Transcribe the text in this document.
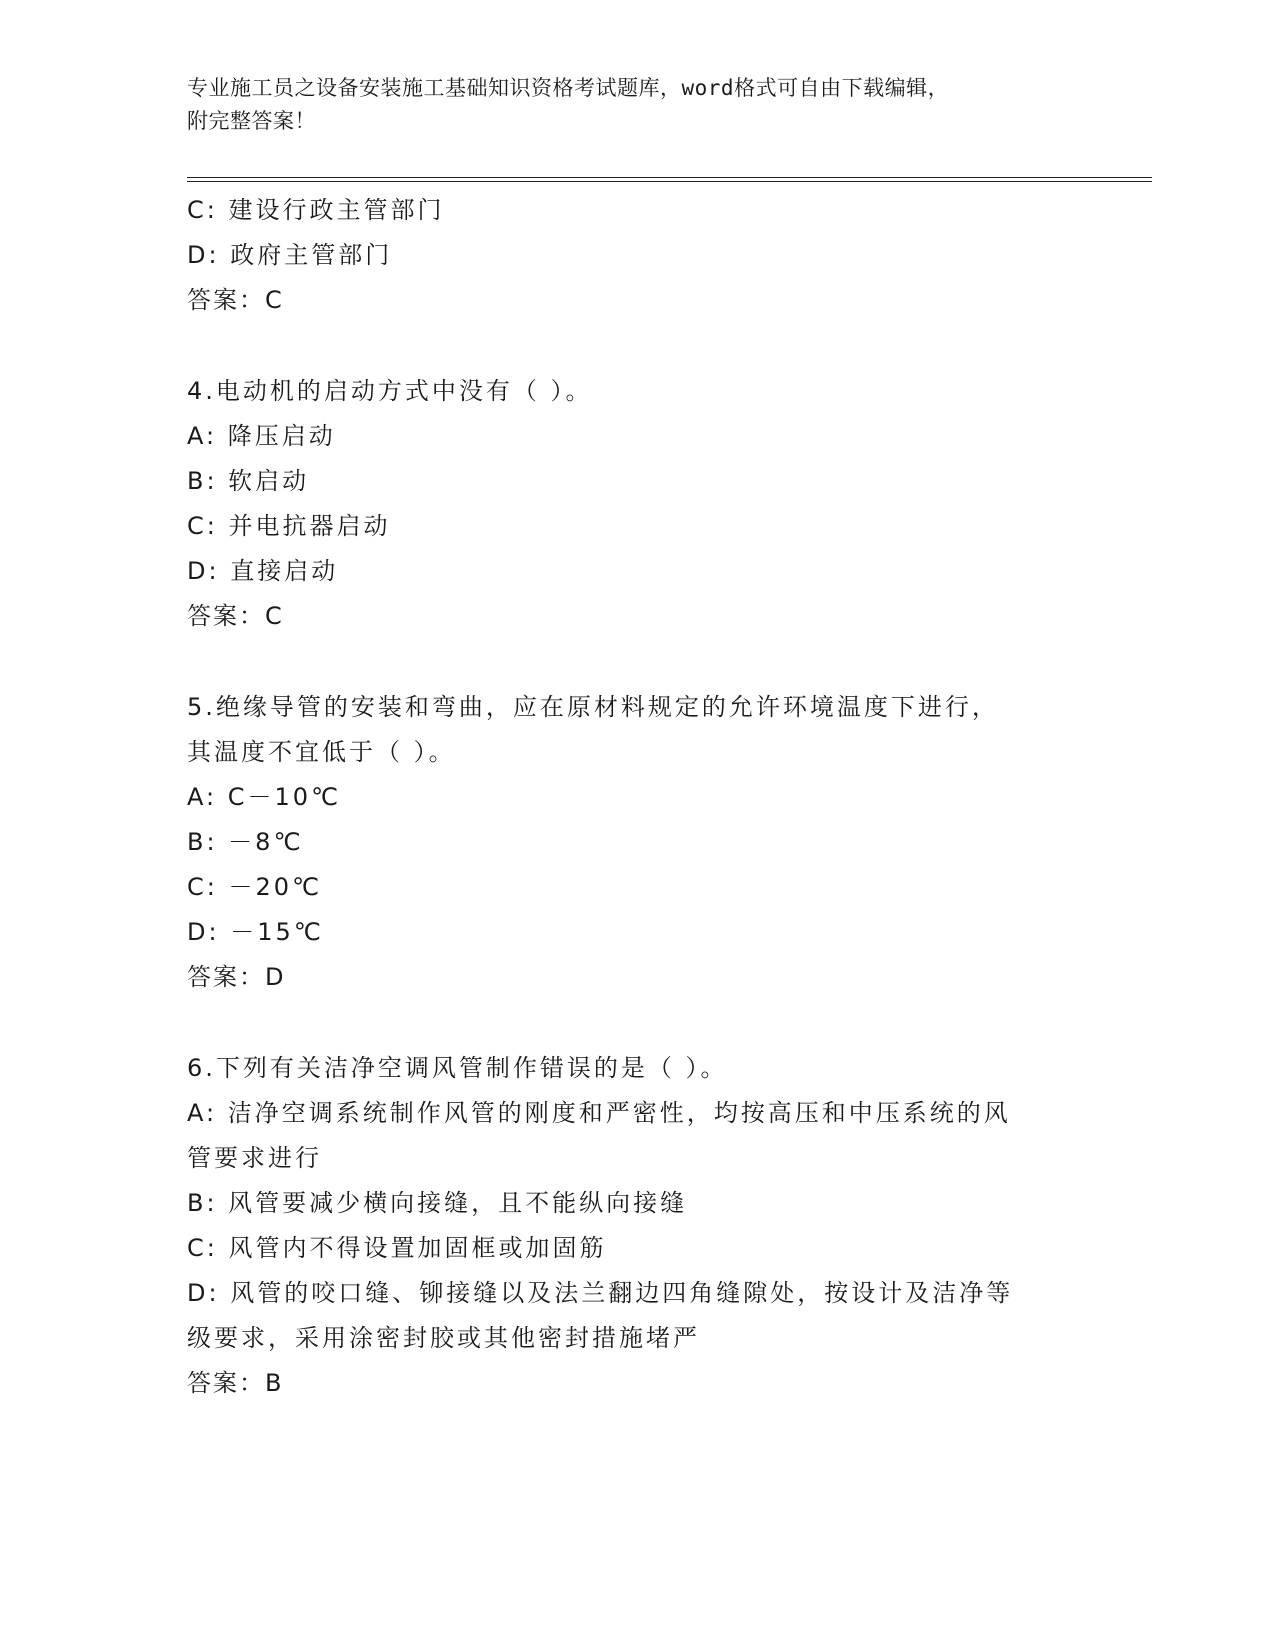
专业施工员之设备安装施工基础知识资格考试题库，word格式可自由下载编辑，
附完整答案！
C: 建设行政主管部门
D: 政府主管部门
答案：C
4.电动机的启动方式中没有（ ）。
A: 降压启动
B: 软启动
C: 并电抗器启动
D: 直接启动
答案：C
5.绝缘导管的安装和弯曲，应在原材料规定的允许环境温度下进行，
其温度不宜低于（ ）。
A: C－10℃
B: －8℃
C: －20℃
D: －15℃
答案：D
6.下列有关洁净空调风管制作错误的是（ ）。
A: 洁净空调系统制作风管的刚度和严密性，均按高压和中压系统的风
管要求进行
B: 风管要减少横向接缝，且不能纵向接缝
C: 风管内不得设置加固框或加固筋
D: 风管的咬口缝、铆接缝以及法兰翻边四角缝隙处，按设计及洁净等
级要求，采用涂密封胶或其他密封措施堵严
答案：B
